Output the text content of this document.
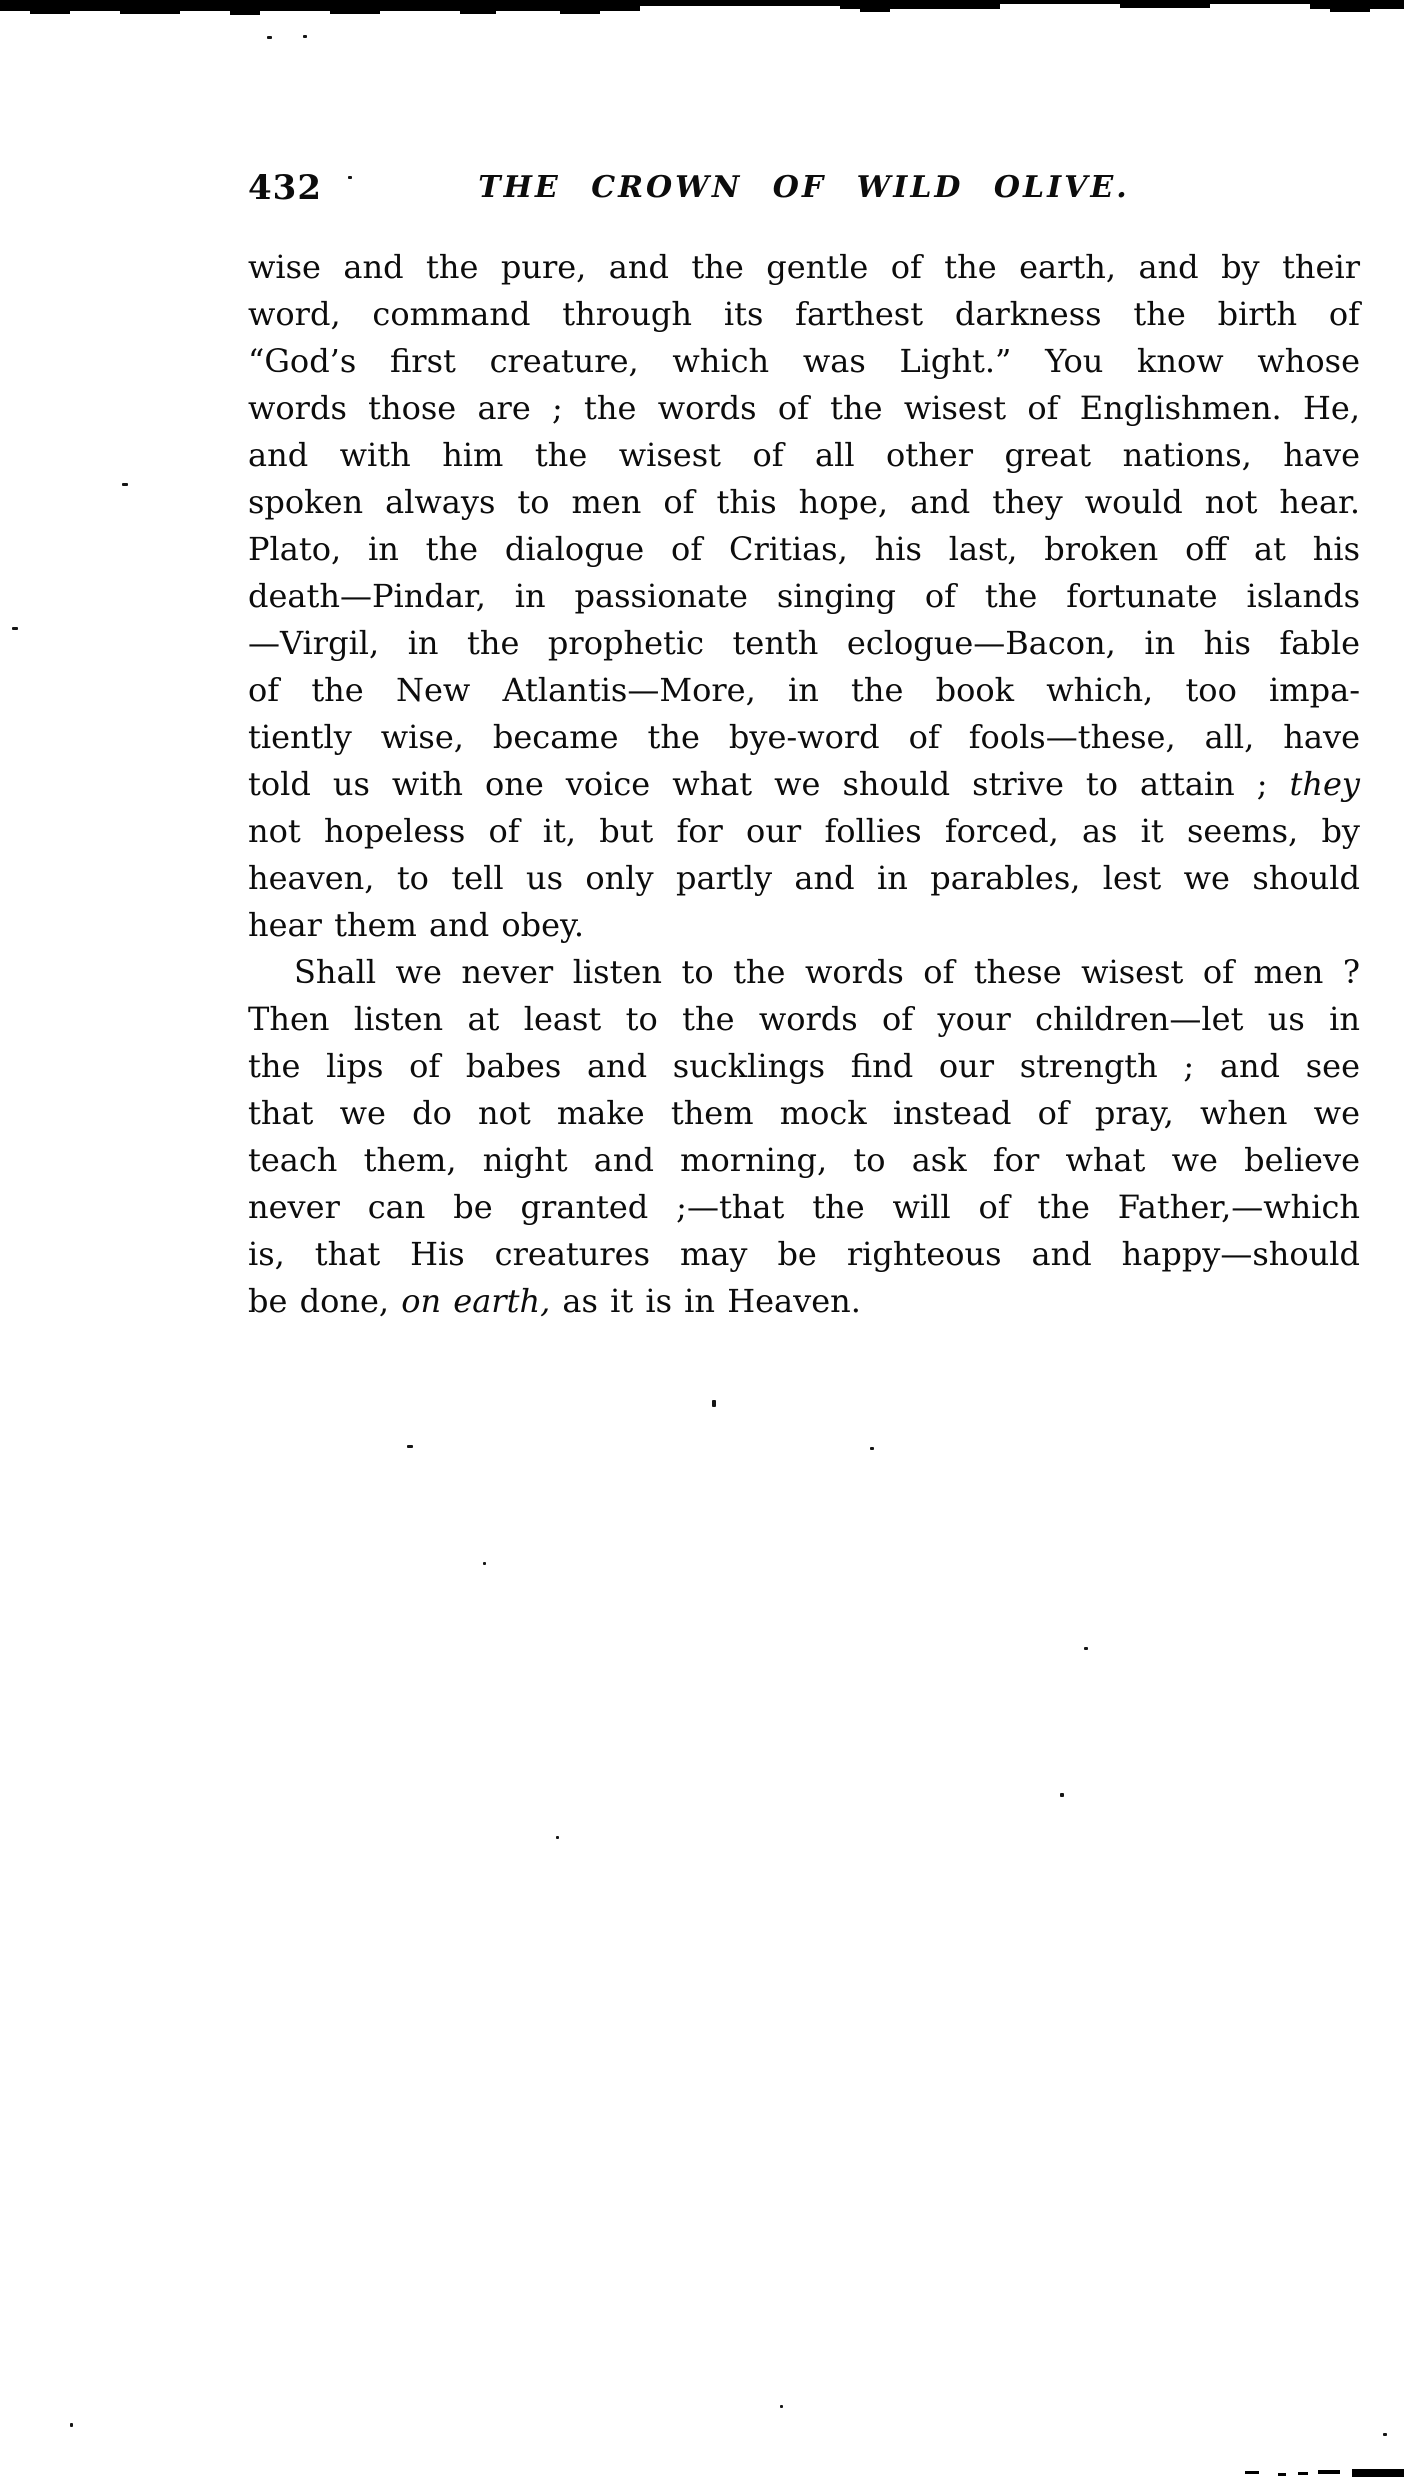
432	THE CROWN OF WILD OLIVE.
wise and the pure, and the gentle of the earth, and by their
word, command through its farthest darkness the birth of
“God’s first creature, which was Light.” You know whose
words those are ; the words of the wisest of Englishmen. He,
and with him the wisest of all other great nations, have
spoken always to men of this hope, and they would not hear.
Plato, in the dialogue of Critias, his last, broken off at his
death—Pindar, in passionate singing of the fortunate islands
—Virgil, in the prophetic tenth eclogue—Bacon, in his fable
of the New Atlantis—More, in the book which, too impa-
tiently wise, became the bye-word of fools—these, all, have
told us with one voice what we should strive to attain ; they
not hopeless of it, but for our follies forced, as it seems, by
heaven, to tell us only partly and in parables, lest we should
hear them and obey.
Shall we never listen to the words of these wisest of men ?
Then listen at least to the words of your children—let us in
the lips of babes and sucklings find our strength ; and see
that we do not make them mock instead of pray, when we
teach them, night and morning, to ask for what we believe
never can be granted ;—that the will of the Father,—which
is, that His creatures may be righteous and happy—should
be done, on earth, as it is in Heaven.
